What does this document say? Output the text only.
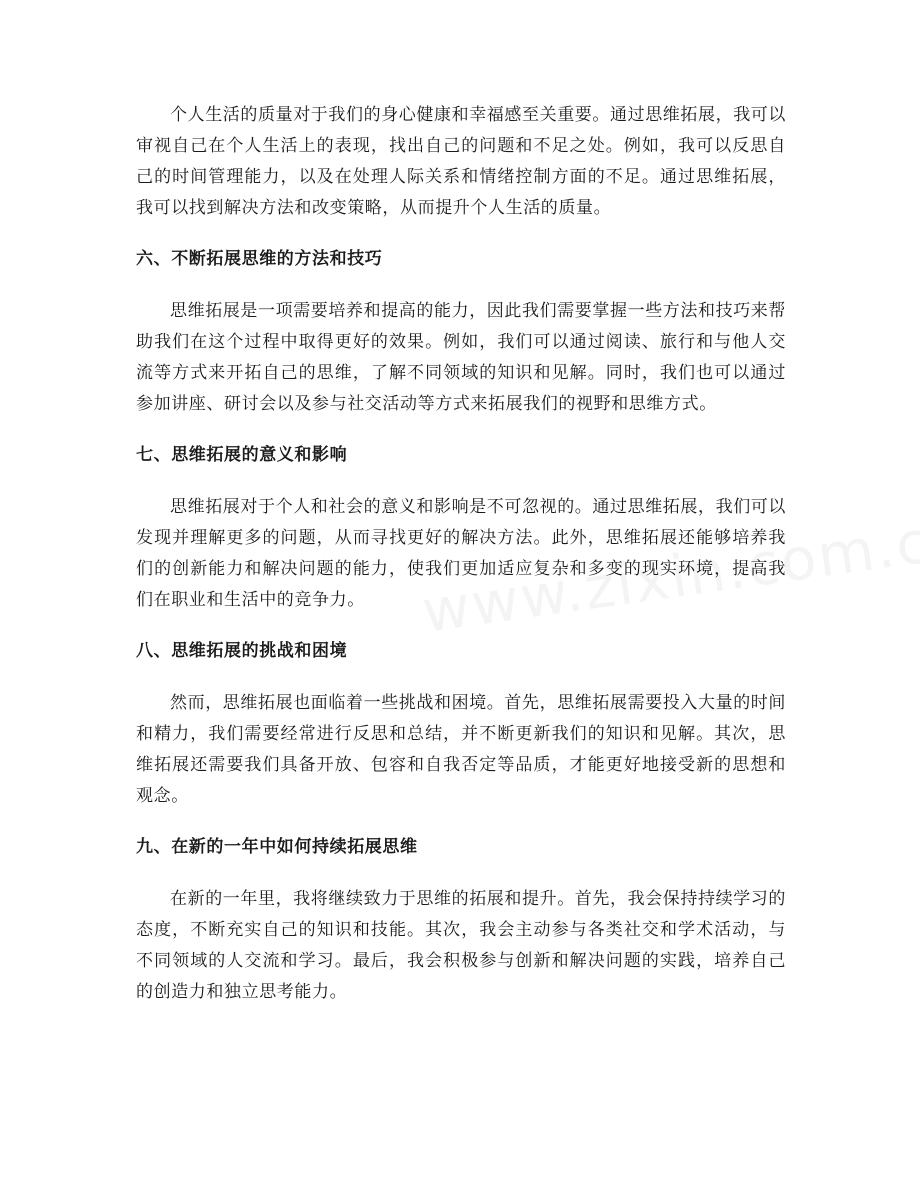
个人生活的质量对于我们的身心健康和幸福感至关重要。通过思维拓展，我可以审视自己在个人生活上的表现，找出自己的问题和不足之处。例如，我可以反思自己的时间管理能力，以及在处理人际关系和情绪控制方面的不足。通过思维拓展，我可以找到解决方法和改变策略，从而提升个人生活的质量。

六、不断拓展思维的方法和技巧

思维拓展是一项需要培养和提高的能力，因此我们需要掌握一些方法和技巧来帮助我们在这个过程中取得更好的效果。例如，我们可以通过阅读、旅行和与他人交流等方式来开拓自己的思维，了解不同领域的知识和见解。同时，我们也可以通过参加讲座、研讨会以及参与社交活动等方式来拓展我们的视野和思维方式。

七、思维拓展的意义和影响

思维拓展对于个人和社会的意义和影响是不可忽视的。通过思维拓展，我们可以发现并理解更多的问题，从而寻找更好的解决方法。此外，思维拓展还能够培养我们的创新能力和解决问题的能力，使我们更加适应复杂和多变的现实环境，提高我们在职业和生活中的竞争力。

八、思维拓展的挑战和困境

然而，思维拓展也面临着一些挑战和困境。首先，思维拓展需要投入大量的时间和精力，我们需要经常进行反思和总结，并不断更新我们的知识和见解。其次，思维拓展还需要我们具备开放、包容和自我否定等品质，才能更好地接受新的思想和观念。

九、在新的一年中如何持续拓展思维

在新的一年里，我将继续致力于思维的拓展和提升。首先，我会保持持续学习的态度，不断充实自己的知识和技能。其次，我会主动参与各类社交和学术活动，与不同领域的人交流和学习。最后，我会积极参与创新和解决问题的实践，培养自己的创造力和独立思考能力。
